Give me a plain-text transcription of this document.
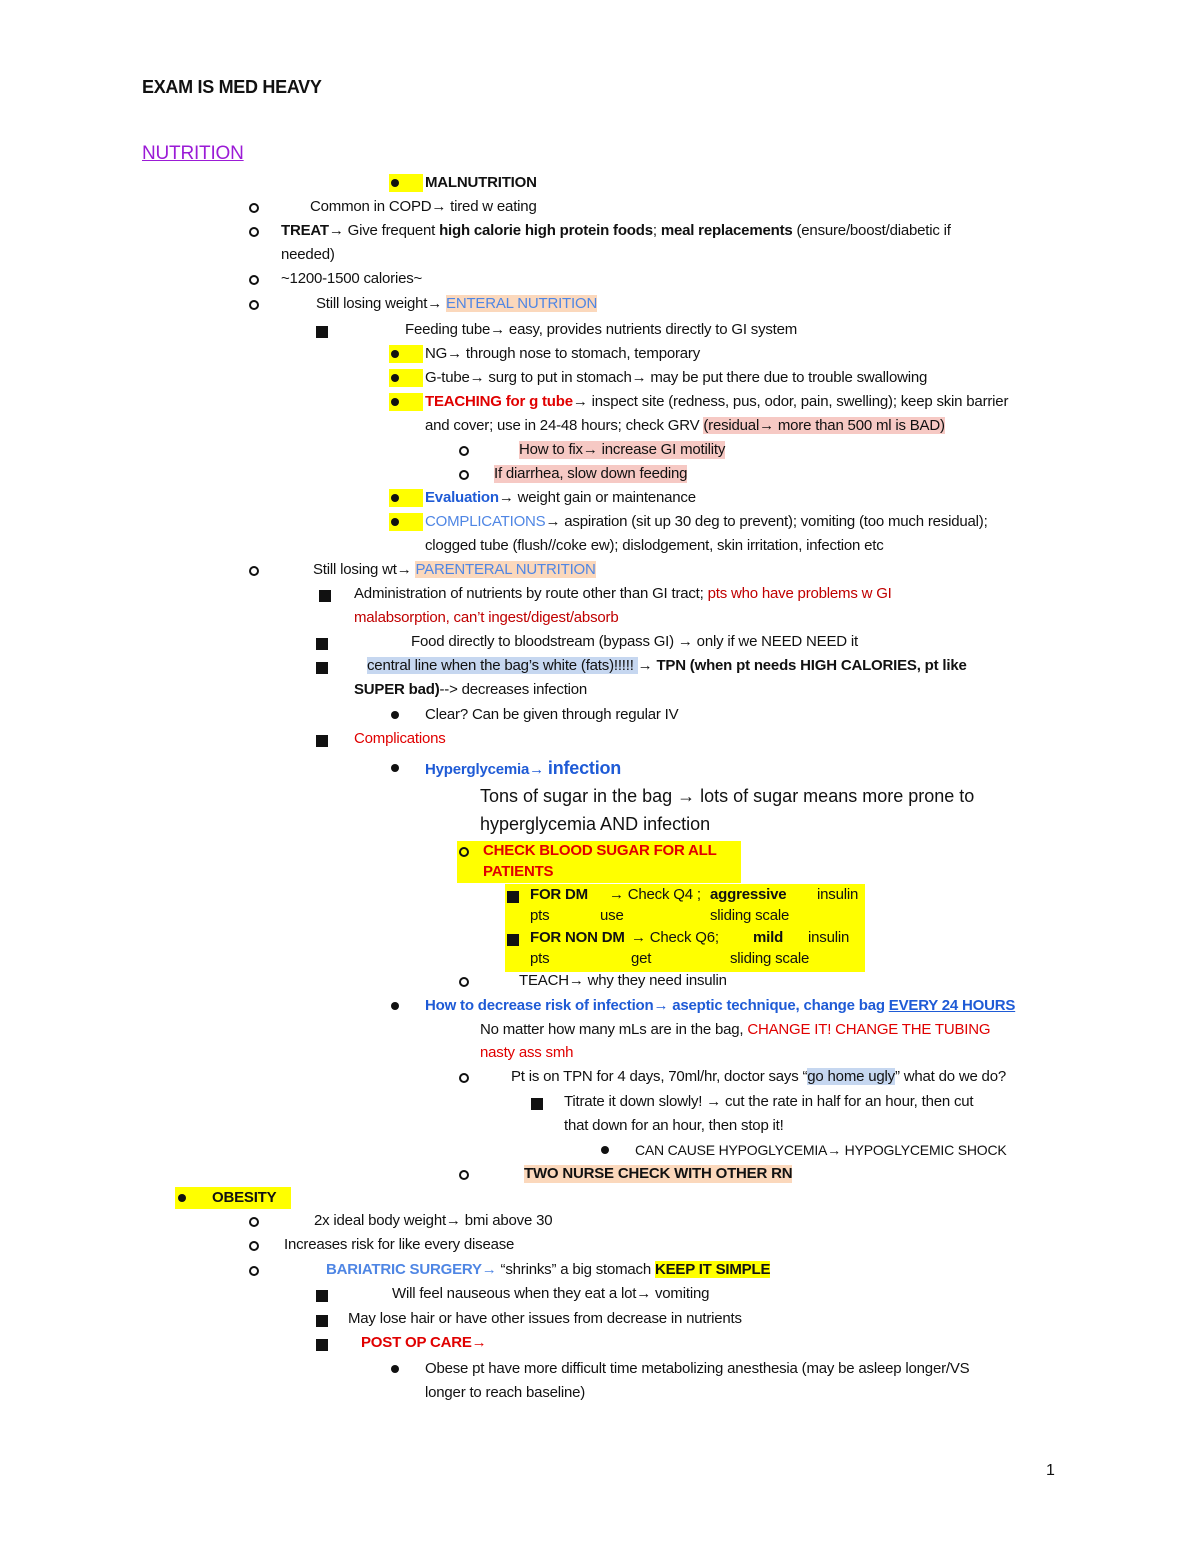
EXAM IS MED HEAVY
NUTRITION
MALNUTRITION
Common in COPD→ tired w eating
TREAT→ Give frequent high calorie high protein foods; meal replacements (ensure/boost/diabetic if
needed)
~1200-1500 calories~
Still losing weight→ ENTERAL NUTRITION
Feeding tube→ easy, provides nutrients directly to GI system
NG→ through nose to stomach, temporary
G-tube→ surg to put in stomach→ may be put there due to trouble swallowing
TEACHING for g tube→ inspect site (redness, pus, odor, pain, swelling); keep skin barrier
and cover; use in 24-48 hours; check GRV (residual→ more than 500 ml is BAD)
How to fix→ increase GI motility
If diarrhea, slow down feeding
Evaluation→ weight gain or maintenance
COMPLICATIONS→ aspiration (sit up 30 deg to prevent); vomiting (too much residual);
clogged tube (flush//coke ew); dislodgement, skin irritation, infection etc
Still losing wt→ PARENTERAL NUTRITION
Administration of nutrients by route other than GI tract; pts who have problems w GI
malabsorption, can’t ingest/digest/absorb
Food directly to bloodstream (bypass GI) → only if we NEED NEED it
central line when the bag’s white (fats)!!!!! → TPN (when pt needs HIGH CALORIES, pt like
SUPER bad)--> decreases infection
Clear? Can be given through regular IV
Complications
Hyperglycemia→ infection
Tons of sugar in the bag → lots of sugar means more prone to
hyperglycemia AND infection
CHECK BLOOD SUGAR FOR ALL
PATIENTS
FOR DM → Check Q4 ; aggressive insulin
pts	use	sliding scale
FOR NON DM → Check Q6; mild insulin
pts	get	sliding scale
TEACH→ why they need insulin
How to decrease risk of infection→ aseptic technique, change bag EVERY 24 HOURS
No matter how many mLs are in the bag, CHANGE IT! CHANGE THE TUBING
nasty ass smh
Pt is on TPN for 4 days, 70ml/hr, doctor says “go home ugly” what do we do?
Titrate it down slowly! → cut the rate in half for an hour, then cut
that down for an hour, then stop it!
CAN CAUSE HYPOGLYCEMIA→ HYPOGLYCEMIC SHOCK
TWO NURSE CHECK WITH OTHER RN
OBESITY
2x ideal body weight→ bmi above 30
Increases risk for like every disease
BARIATRIC SURGERY→ “shrinks” a big stomach KEEP IT SIMPLE
Will feel nauseous when they eat a lot→ vomiting
May lose hair or have other issues from decrease in nutrients
POST OP CARE→
Obese pt have more difficult time metabolizing anesthesia (may be asleep longer/VS
longer to reach baseline)
1
